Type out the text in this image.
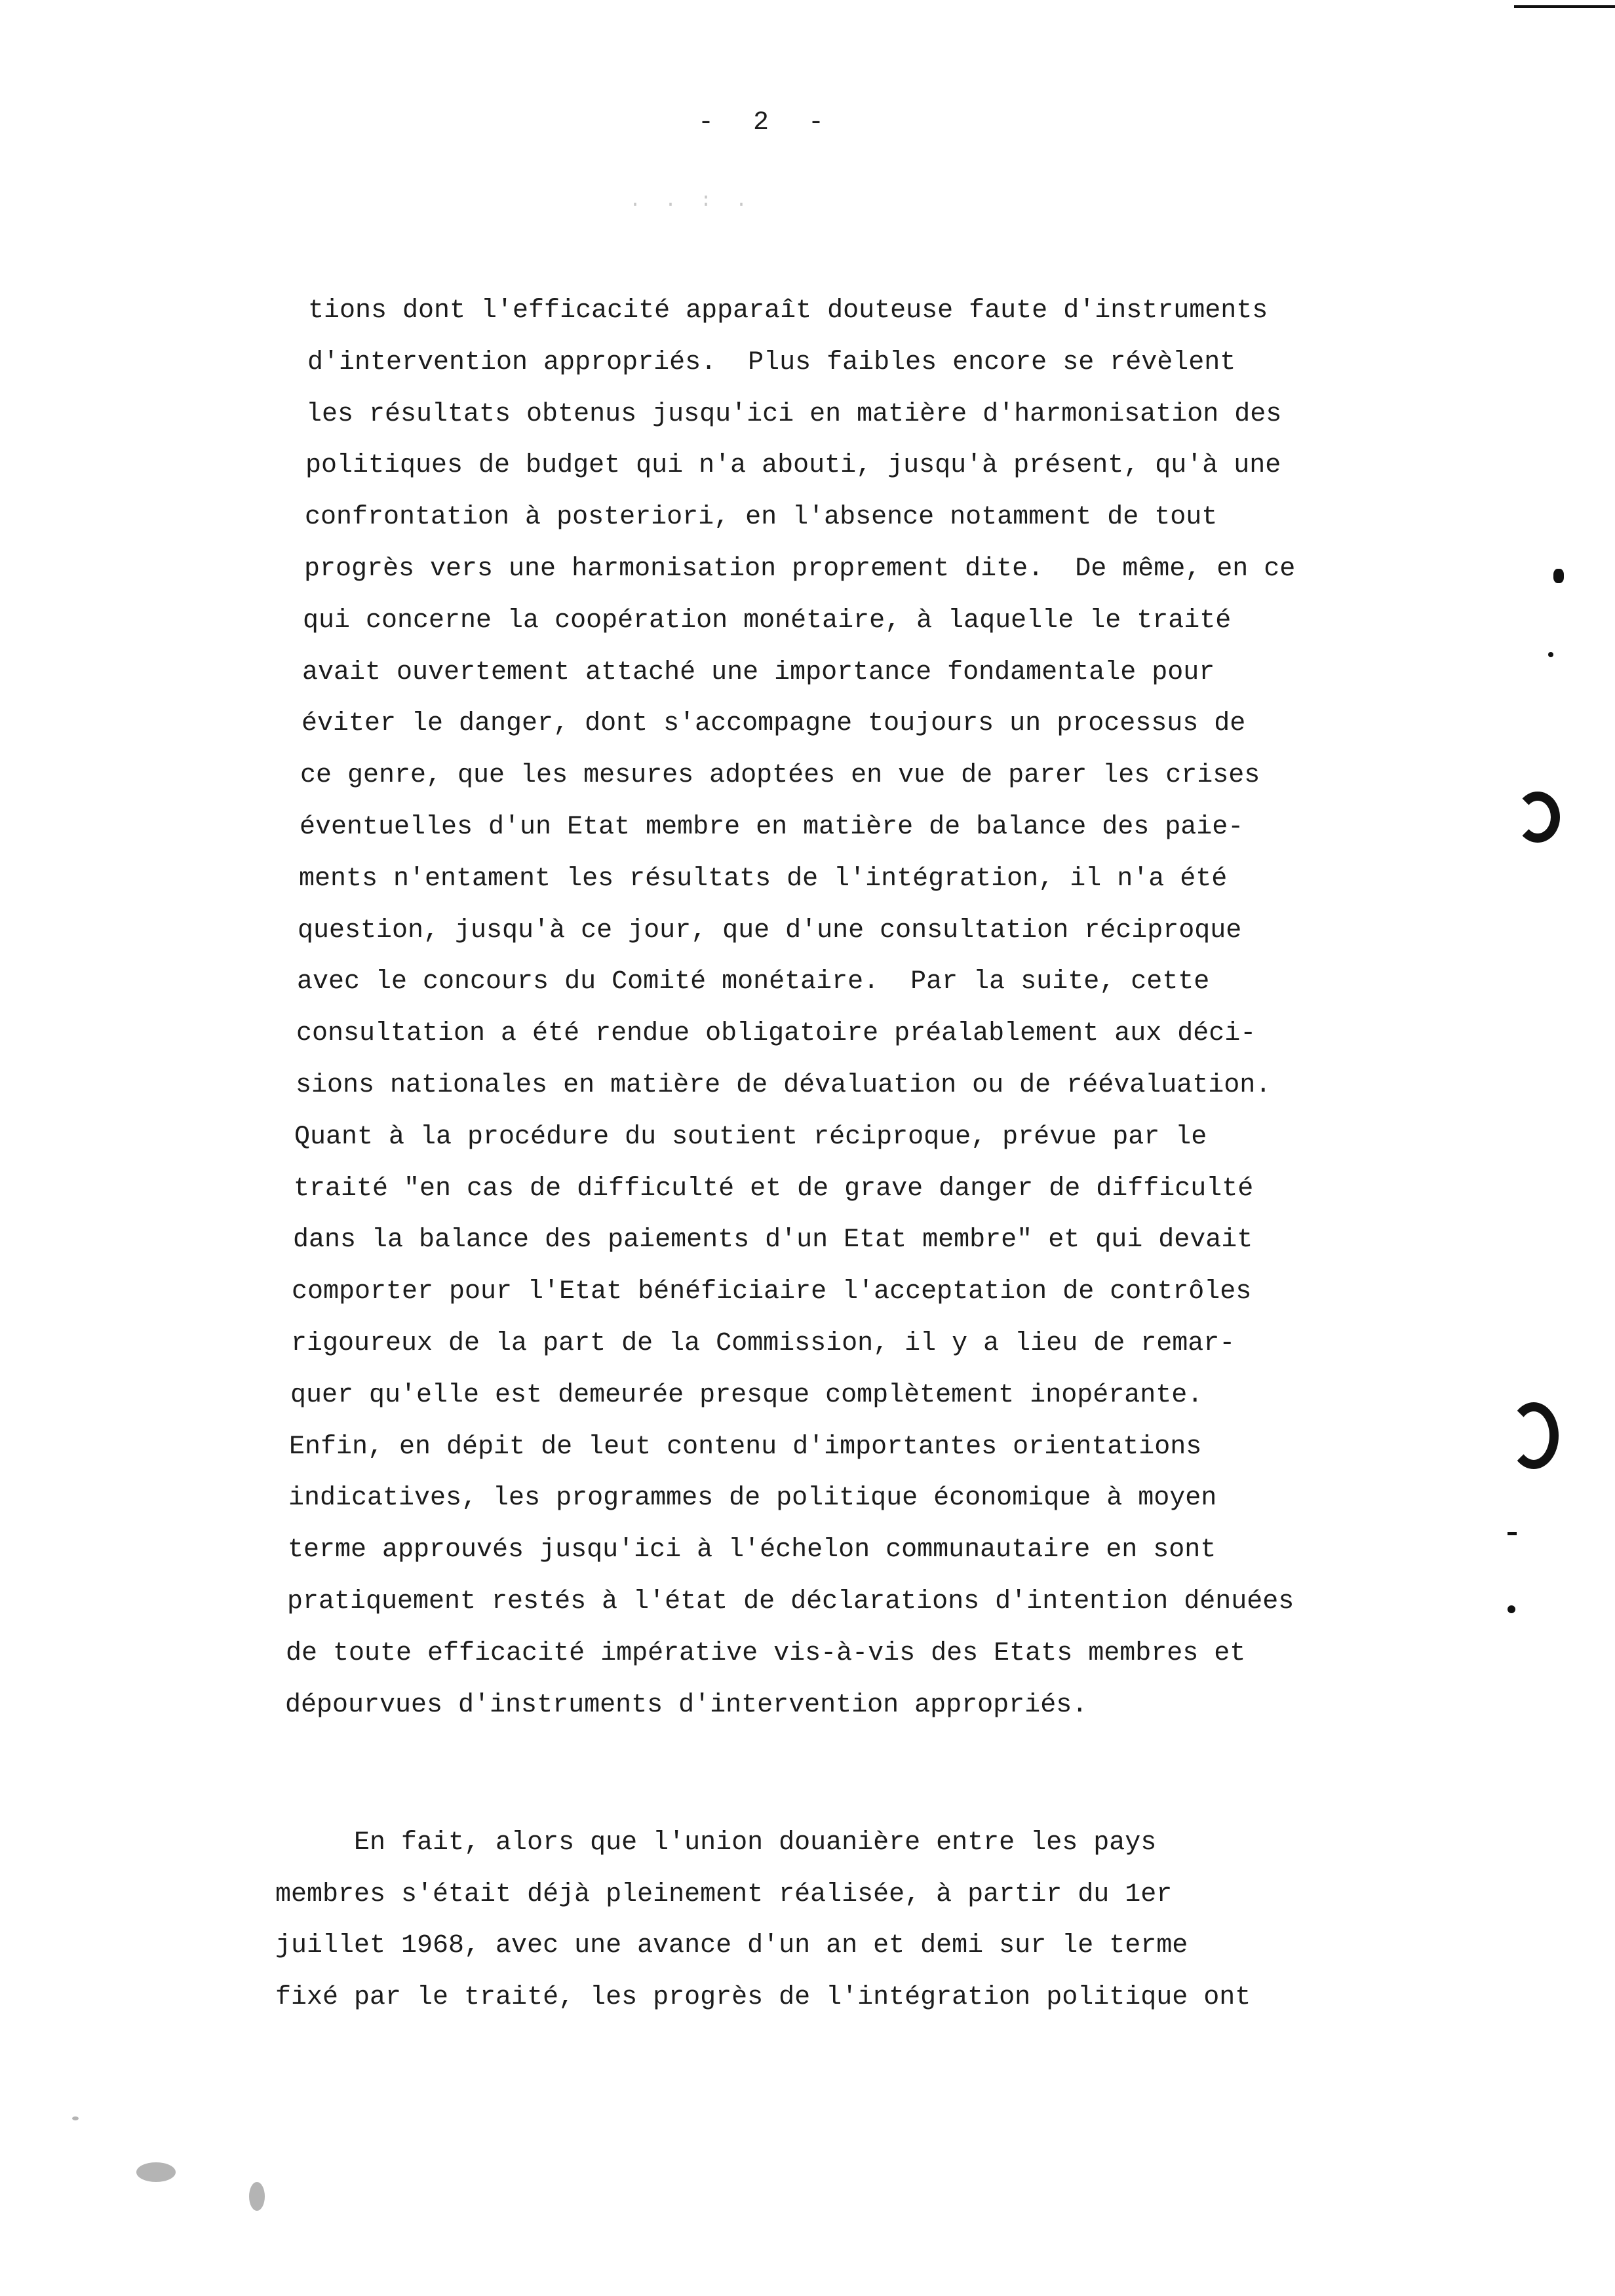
- 2 -
.  .  :  .
tions dont l'efficacité apparaît douteuse faute d'instruments
d'intervention appropriés.  Plus faibles encore se révèlent
les résultats obtenus jusqu'ici en matière d'harmonisation des
politiques de budget qui n'a abouti, jusqu'à présent, qu'à une
confrontation à posteriori, en l'absence notamment de tout
progrès vers une harmonisation proprement dite.  De même, en ce
qui concerne la coopération monétaire, à laquelle le traité
avait ouvertement attaché une importance fondamentale pour
éviter le danger, dont s'accompagne toujours un processus de
ce genre, que les mesures adoptées en vue de parer les crises
éventuelles d'un Etat membre en matière de balance des paie-
ments n'entament les résultats de l'intégration, il n'a été
question, jusqu'à ce jour, que d'une consultation réciproque
avec le concours du Comité monétaire.  Par la suite, cette
consultation a été rendue obligatoire préalablement aux déci-
sions nationales en matière de dévaluation ou de réévaluation.
Quant à la procédure du soutient réciproque, prévue par le
traité "en cas de difficulté et de grave danger de difficulté
dans la balance des paiements d'un Etat membre" et qui devait
comporter pour l'Etat bénéficiaire l'acceptation de contrôles
rigoureux de la part de la Commission, il y a lieu de remar-
quer qu'elle est demeurée presque complètement inopérante.
Enfin, en dépit de leut contenu d'importantes orientations
indicatives, les programmes de politique économique à moyen
terme approuvés jusqu'ici à l'échelon communautaire en sont
pratiquement restés à l'état de déclarations d'intention dénuées
de toute efficacité impérative vis-à-vis des Etats membres et
dépourvues d'instruments d'intervention appropriés.
En fait, alors que l'union douanière entre les pays
membres s'était déjà pleinement réalisée, à partir du 1er
juillet 1968, avec une avance d'un an et demi sur le terme
fixé par le traité, les progrès de l'intégration politique ont
